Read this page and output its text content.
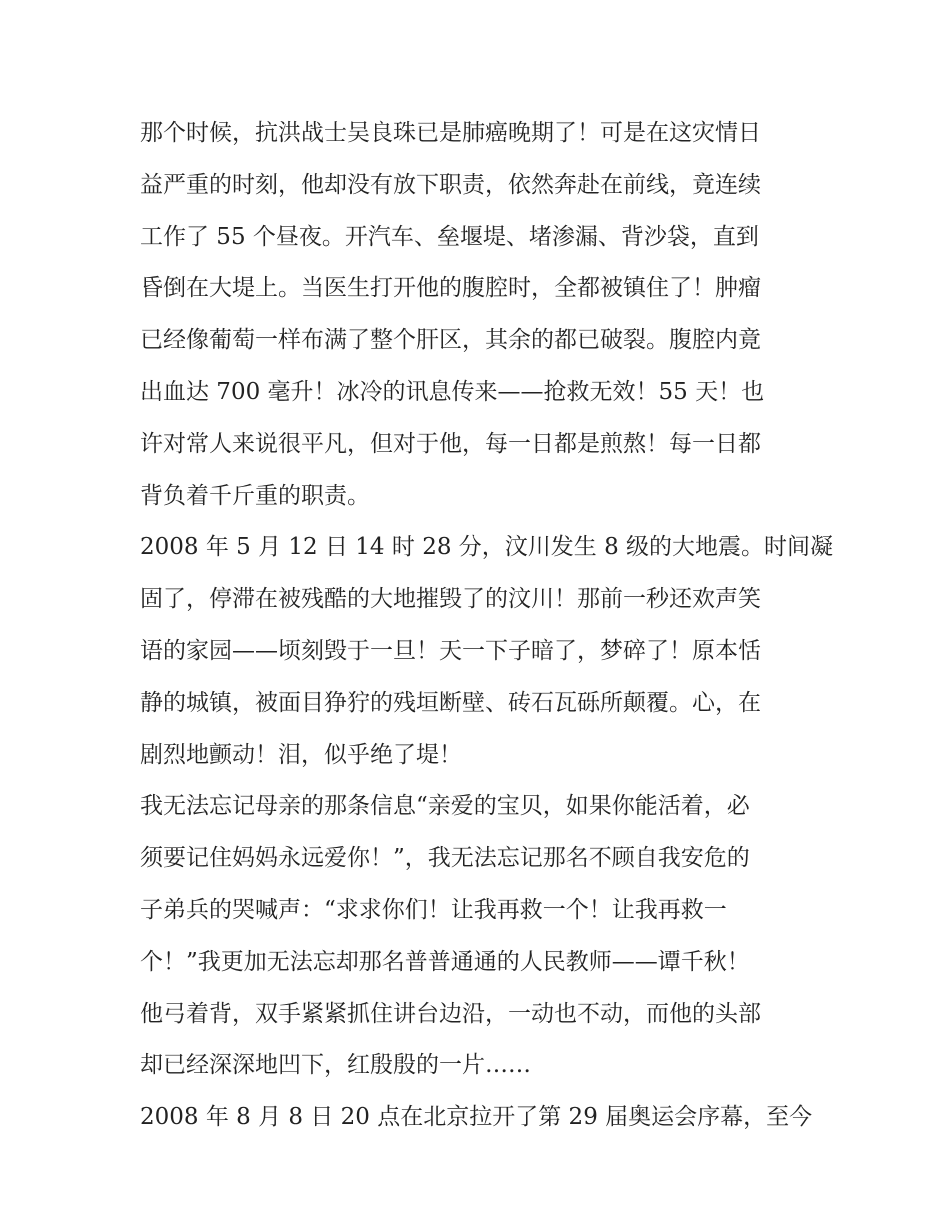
那个时候，抗洪战士吴良珠已是肺癌晚期了！可是在这灾情日
益严重的时刻，他却没有放下职责，依然奔赴在前线，竟连续
工作了 55 个昼夜。开汽车、垒堰堤、堵渗漏、背沙袋，直到
昏倒在大堤上。当医生打开他的腹腔时，全都被镇住了！肿瘤
已经像葡萄一样布满了整个肝区，其余的都已破裂。腹腔内竟
出血达 700 毫升！冰冷的讯息传来——抢救无效！55 天！也
许对常人来说很平凡，但对于他，每一日都是煎熬！每一日都
背负着千斤重的职责。
2008 年 5 月 12 日 14 时 28 分，汶川发生 8 级的大地震。时间凝
固了，停滞在被残酷的大地摧毁了的汶川！那前一秒还欢声笑
语的家园——顷刻毁于一旦！天一下子暗了，梦碎了！原本恬
静的城镇，被面目狰狞的残垣断壁、砖石瓦砾所颠覆。心，在
剧烈地颤动！泪，似乎绝了堤！
我无法忘记母亲的那条信息“亲爱的宝贝，如果你能活着，必
须要记住妈妈永远爱你！”，我无法忘记那名不顾自我安危的
子弟兵的哭喊声：“求求你们！让我再救一个！让我再救一
个！”我更加无法忘却那名普普通通的人民教师——谭千秋！
他弓着背，双手紧紧抓住讲台边沿，一动也不动，而他的头部
却已经深深地凹下，红殷殷的一片……
2008 年 8 月 8 日 20 点在北京拉开了第 29 届奥运会序幕，至今
